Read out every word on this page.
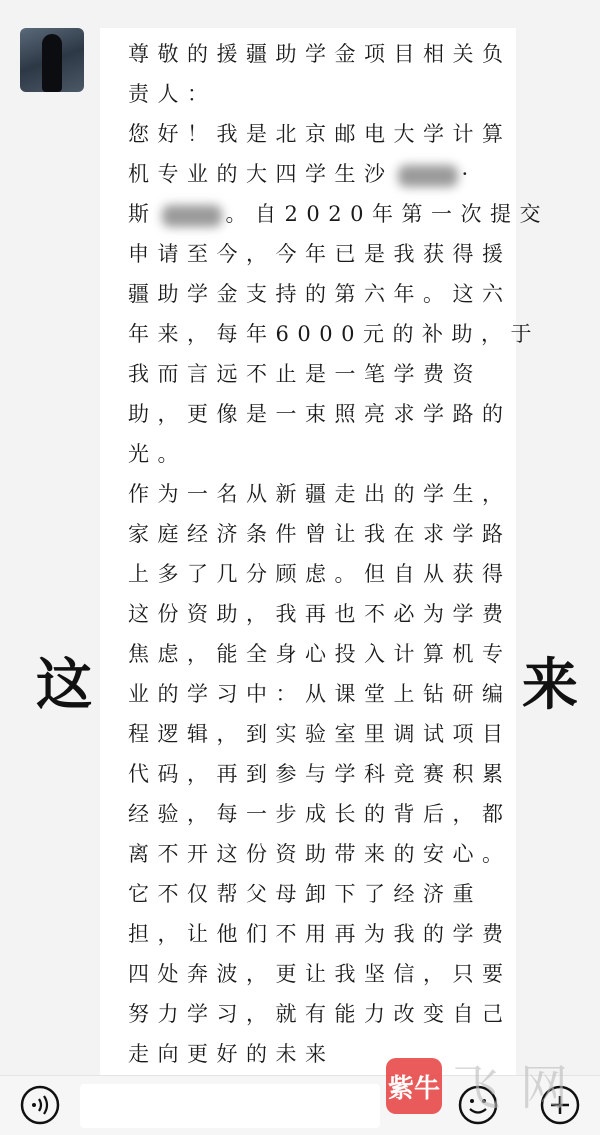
这	来
尊敬的援疆助学金项目相关负
责人：
您好！我是北京邮电大学计算
机专业的大四学生沙	·
斯	。自2020年第一次提交
申请至今，今年已是我获得援
疆助学金支持的第六年。这六
年来，每年6000元的补助，于
我而言远不止是一笔学费资
助，更像是一束照亮求学路的
光。
作为一名从新疆走出的学生，
家庭经济条件曾让我在求学路
上多了几分顾虑。但自从获得
这份资助，我再也不必为学费
焦虑，能全身心投入计算机专
业的学习中：从课堂上钻研编
程逻辑，到实验室里调试项目
代码，再到参与学科竞赛积累
经验，每一步成长的背后，都
离不开这份资助带来的安心。
它不仅帮父母卸下了经济重
担，让他们不用再为我的学费
四处奔波，更让我坚信，只要
努力学习，就有能力改变自己
走向更好的未来
紫牛 飞 网
